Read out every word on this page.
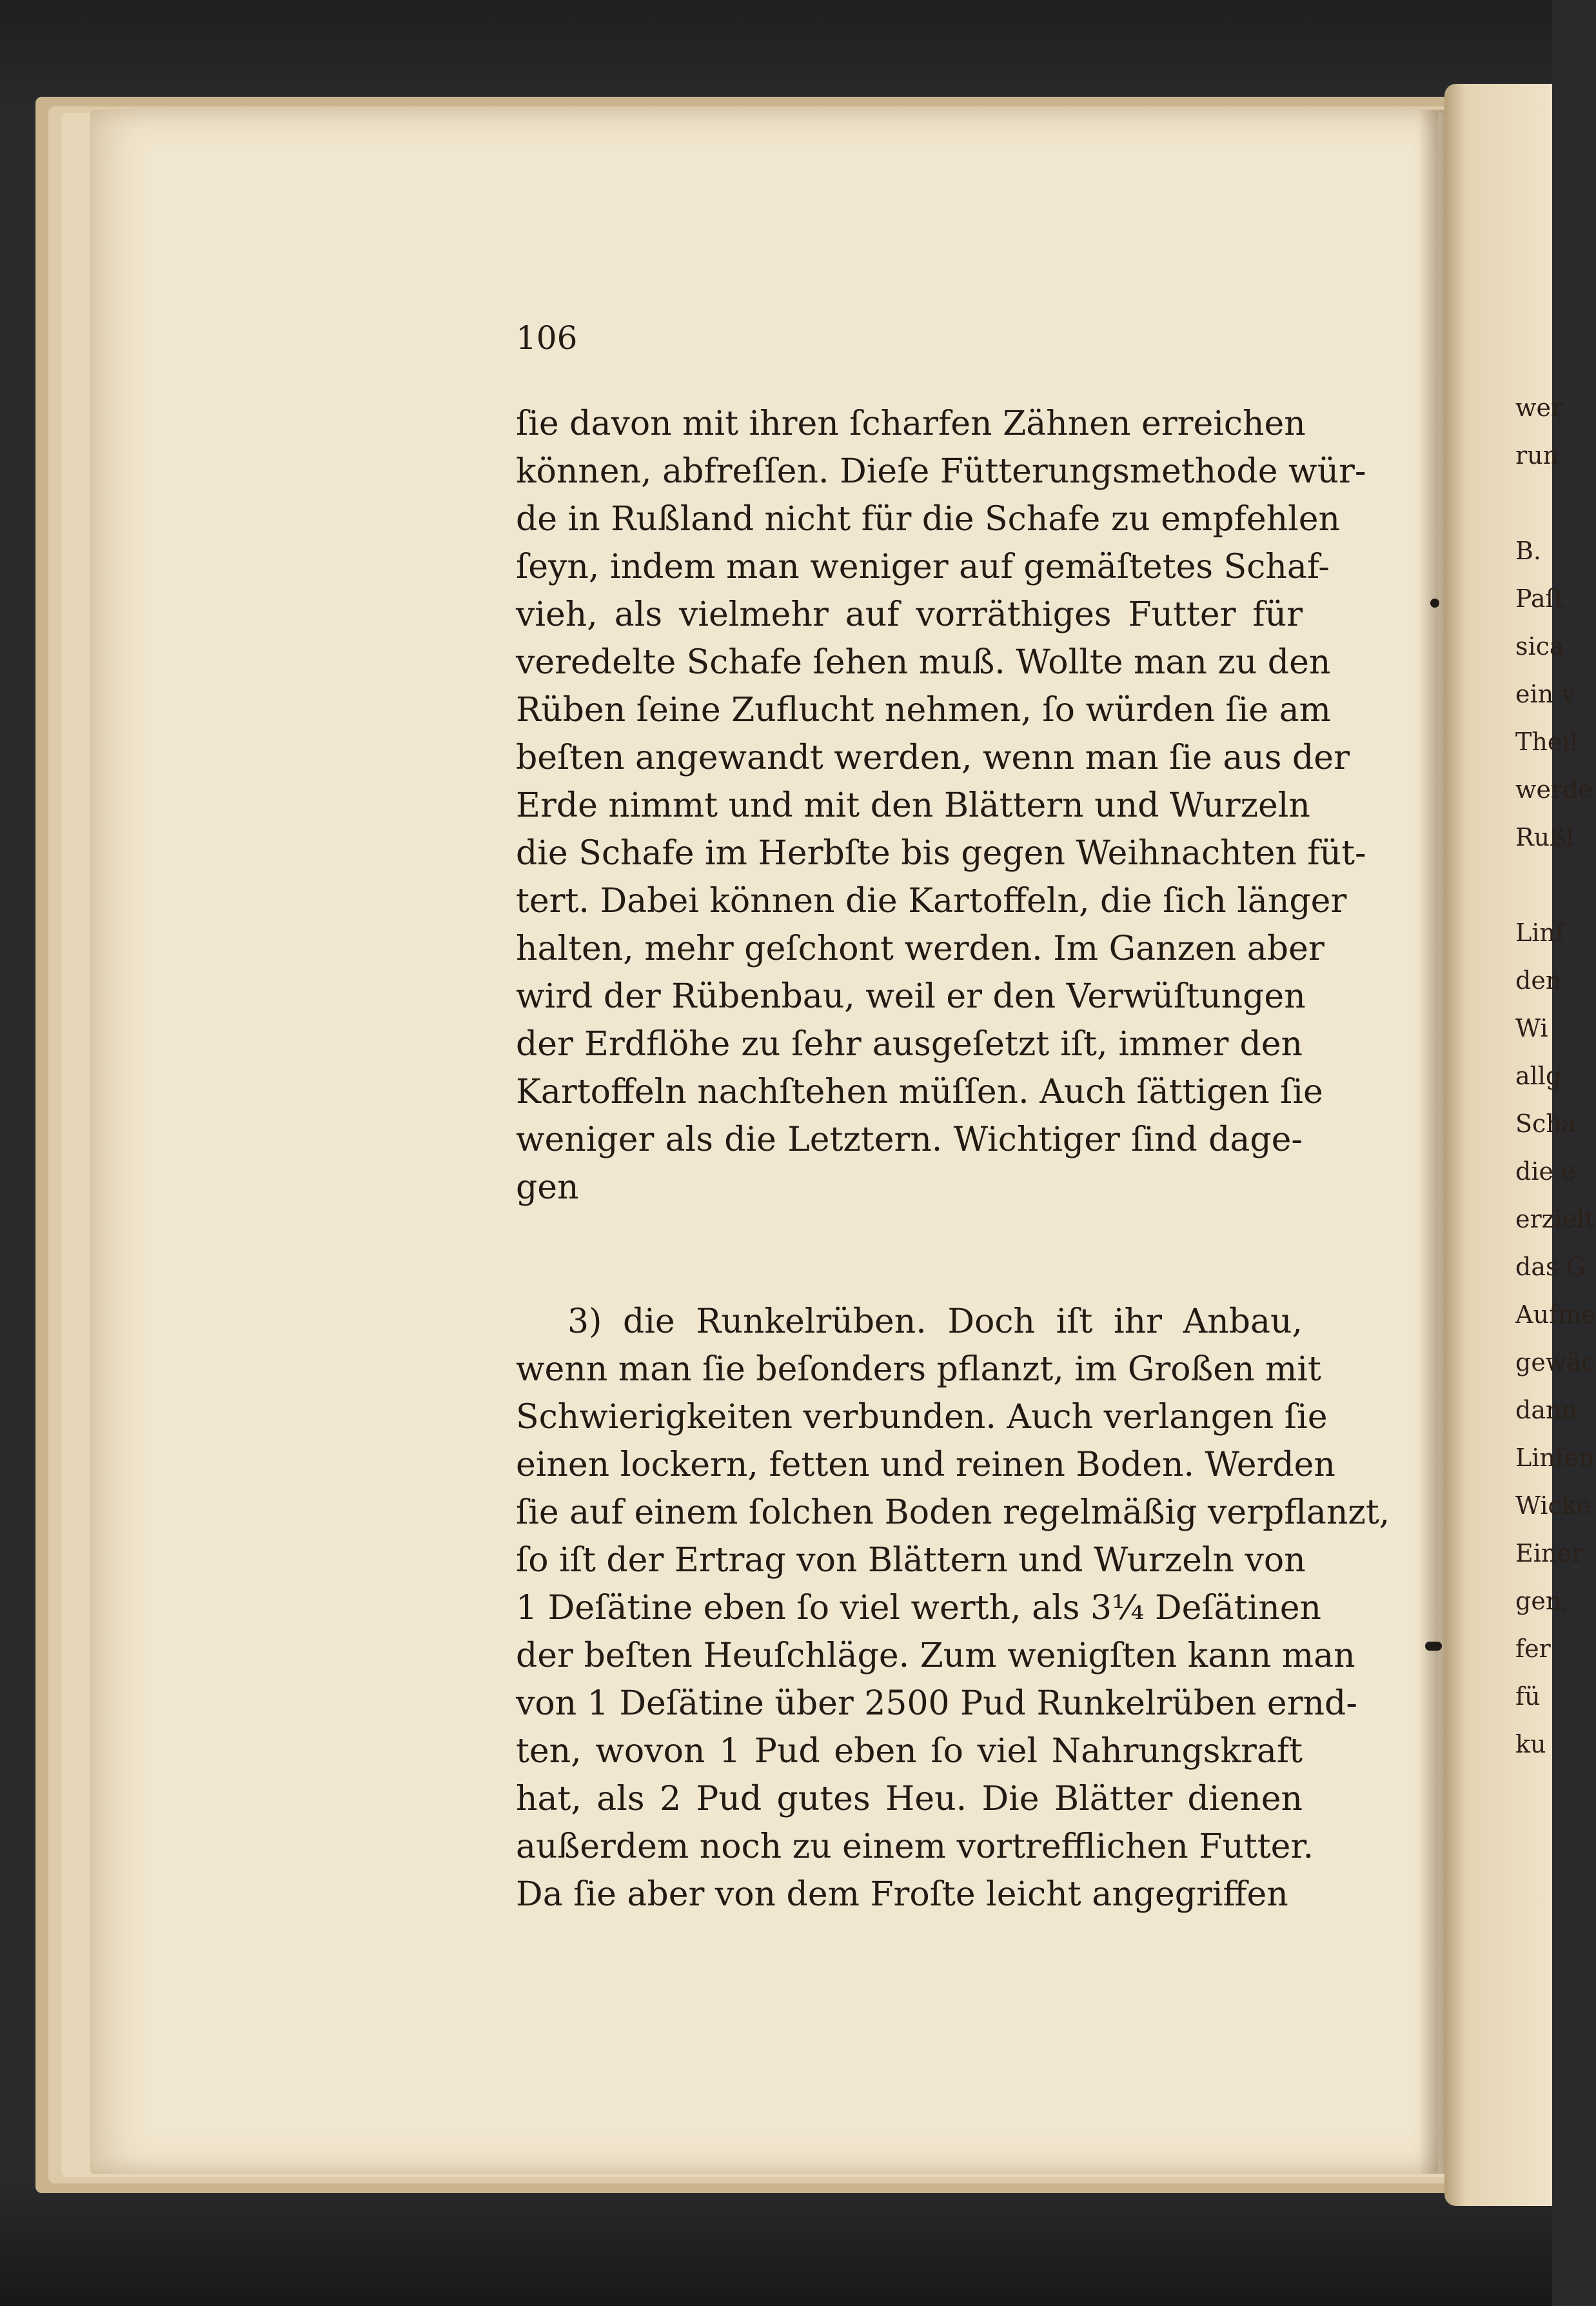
wer
run
B.
Paſt
sica
ein v
Theil
werde
Rußl
Linſ
den
Wi
allg
Scha
die e
erzielt
das G
Aufme
gewäc
dann
Linſen
Wicke
Einer
gen,
fer
fü
ku

106

ſie davon mit ihren ſcharfen Zähnen erreichen
können, abfreſſen. Dieſe Fütterungsmethode wür-
de in Rußland nicht für die Schafe zu empfehlen
ſeyn, indem man weniger auf gemäſtetes Schaf-
vieh, als vielmehr auf vorräthiges Futter für
veredelte Schafe ſehen muß. Wollte man zu den
Rüben ſeine Zuflucht nehmen, ſo würden ſie am
beſten angewandt werden, wenn man ſie aus der
Erde nimmt und mit den Blättern und Wurzeln
die Schafe im Herbſte bis gegen Weihnachten füt-
tert. Dabei können die Kartoffeln, die ſich länger
halten, mehr geſchont werden. Im Ganzen aber
wird der Rübenbau, weil er den Verwüſtungen
der Erdflöhe zu ſehr ausgeſetzt iſt, immer den
Kartoffeln nachſtehen müſſen. Auch ſättigen ſie
weniger als die Letztern. Wichtiger ſind dage-
gen
3) die Runkelrüben. Doch iſt ihr Anbau,
wenn man ſie beſonders pflanzt, im Großen mit
Schwierigkeiten verbunden. Auch verlangen ſie
einen lockern, fetten und reinen Boden. Werden
ſie auf einem ſolchen Boden regelmäßig verpflanzt,
ſo iſt der Ertrag von Blättern und Wurzeln von
1 Deſätine eben ſo viel werth, als 3¼ Deſätinen
der beſten Heuſchläge. Zum wenigſten kann man
von 1 Deſätine über 2500 Pud Runkelrüben ernd-
ten, wovon 1 Pud eben ſo viel Nahrungskraft
hat, als 2 Pud gutes Heu. Die Blätter dienen
außerdem noch zu einem vortrefflichen Futter.
Da ſie aber von dem Froſte leicht angegriffen
